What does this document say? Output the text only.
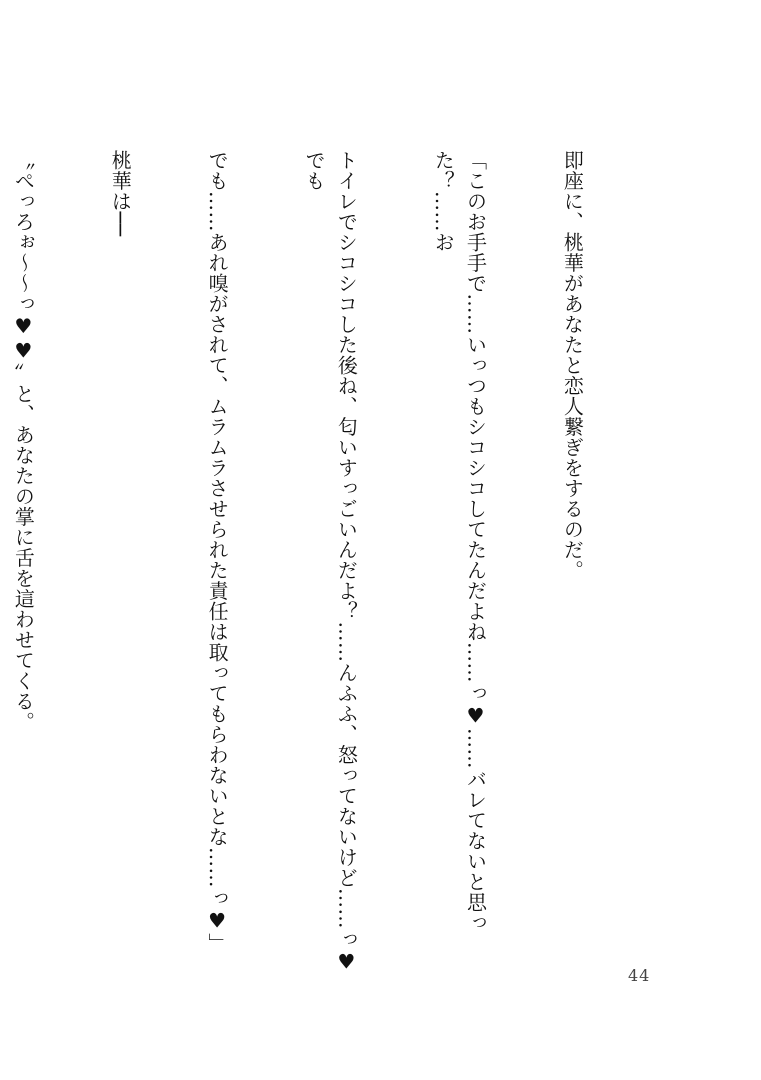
即座に、桃華があなたと恋人繋ぎをするのだ。

「このお手手で……いっつもシコシコしてたんだよね……っ♥……バレてないと思った？……お

トイレでシコシコした後ね、匂いすっごいんだよ？……んふふ、怒ってないけど……っ♥でも

でも……あれ嗅がされて、ムラムラさせられた責任は取ってもらわないとな……っ♥」

桃華は──

〝ぺっろぉ～～っ♥♥〟と、あなたの掌に舌を這わせてくる。

44
